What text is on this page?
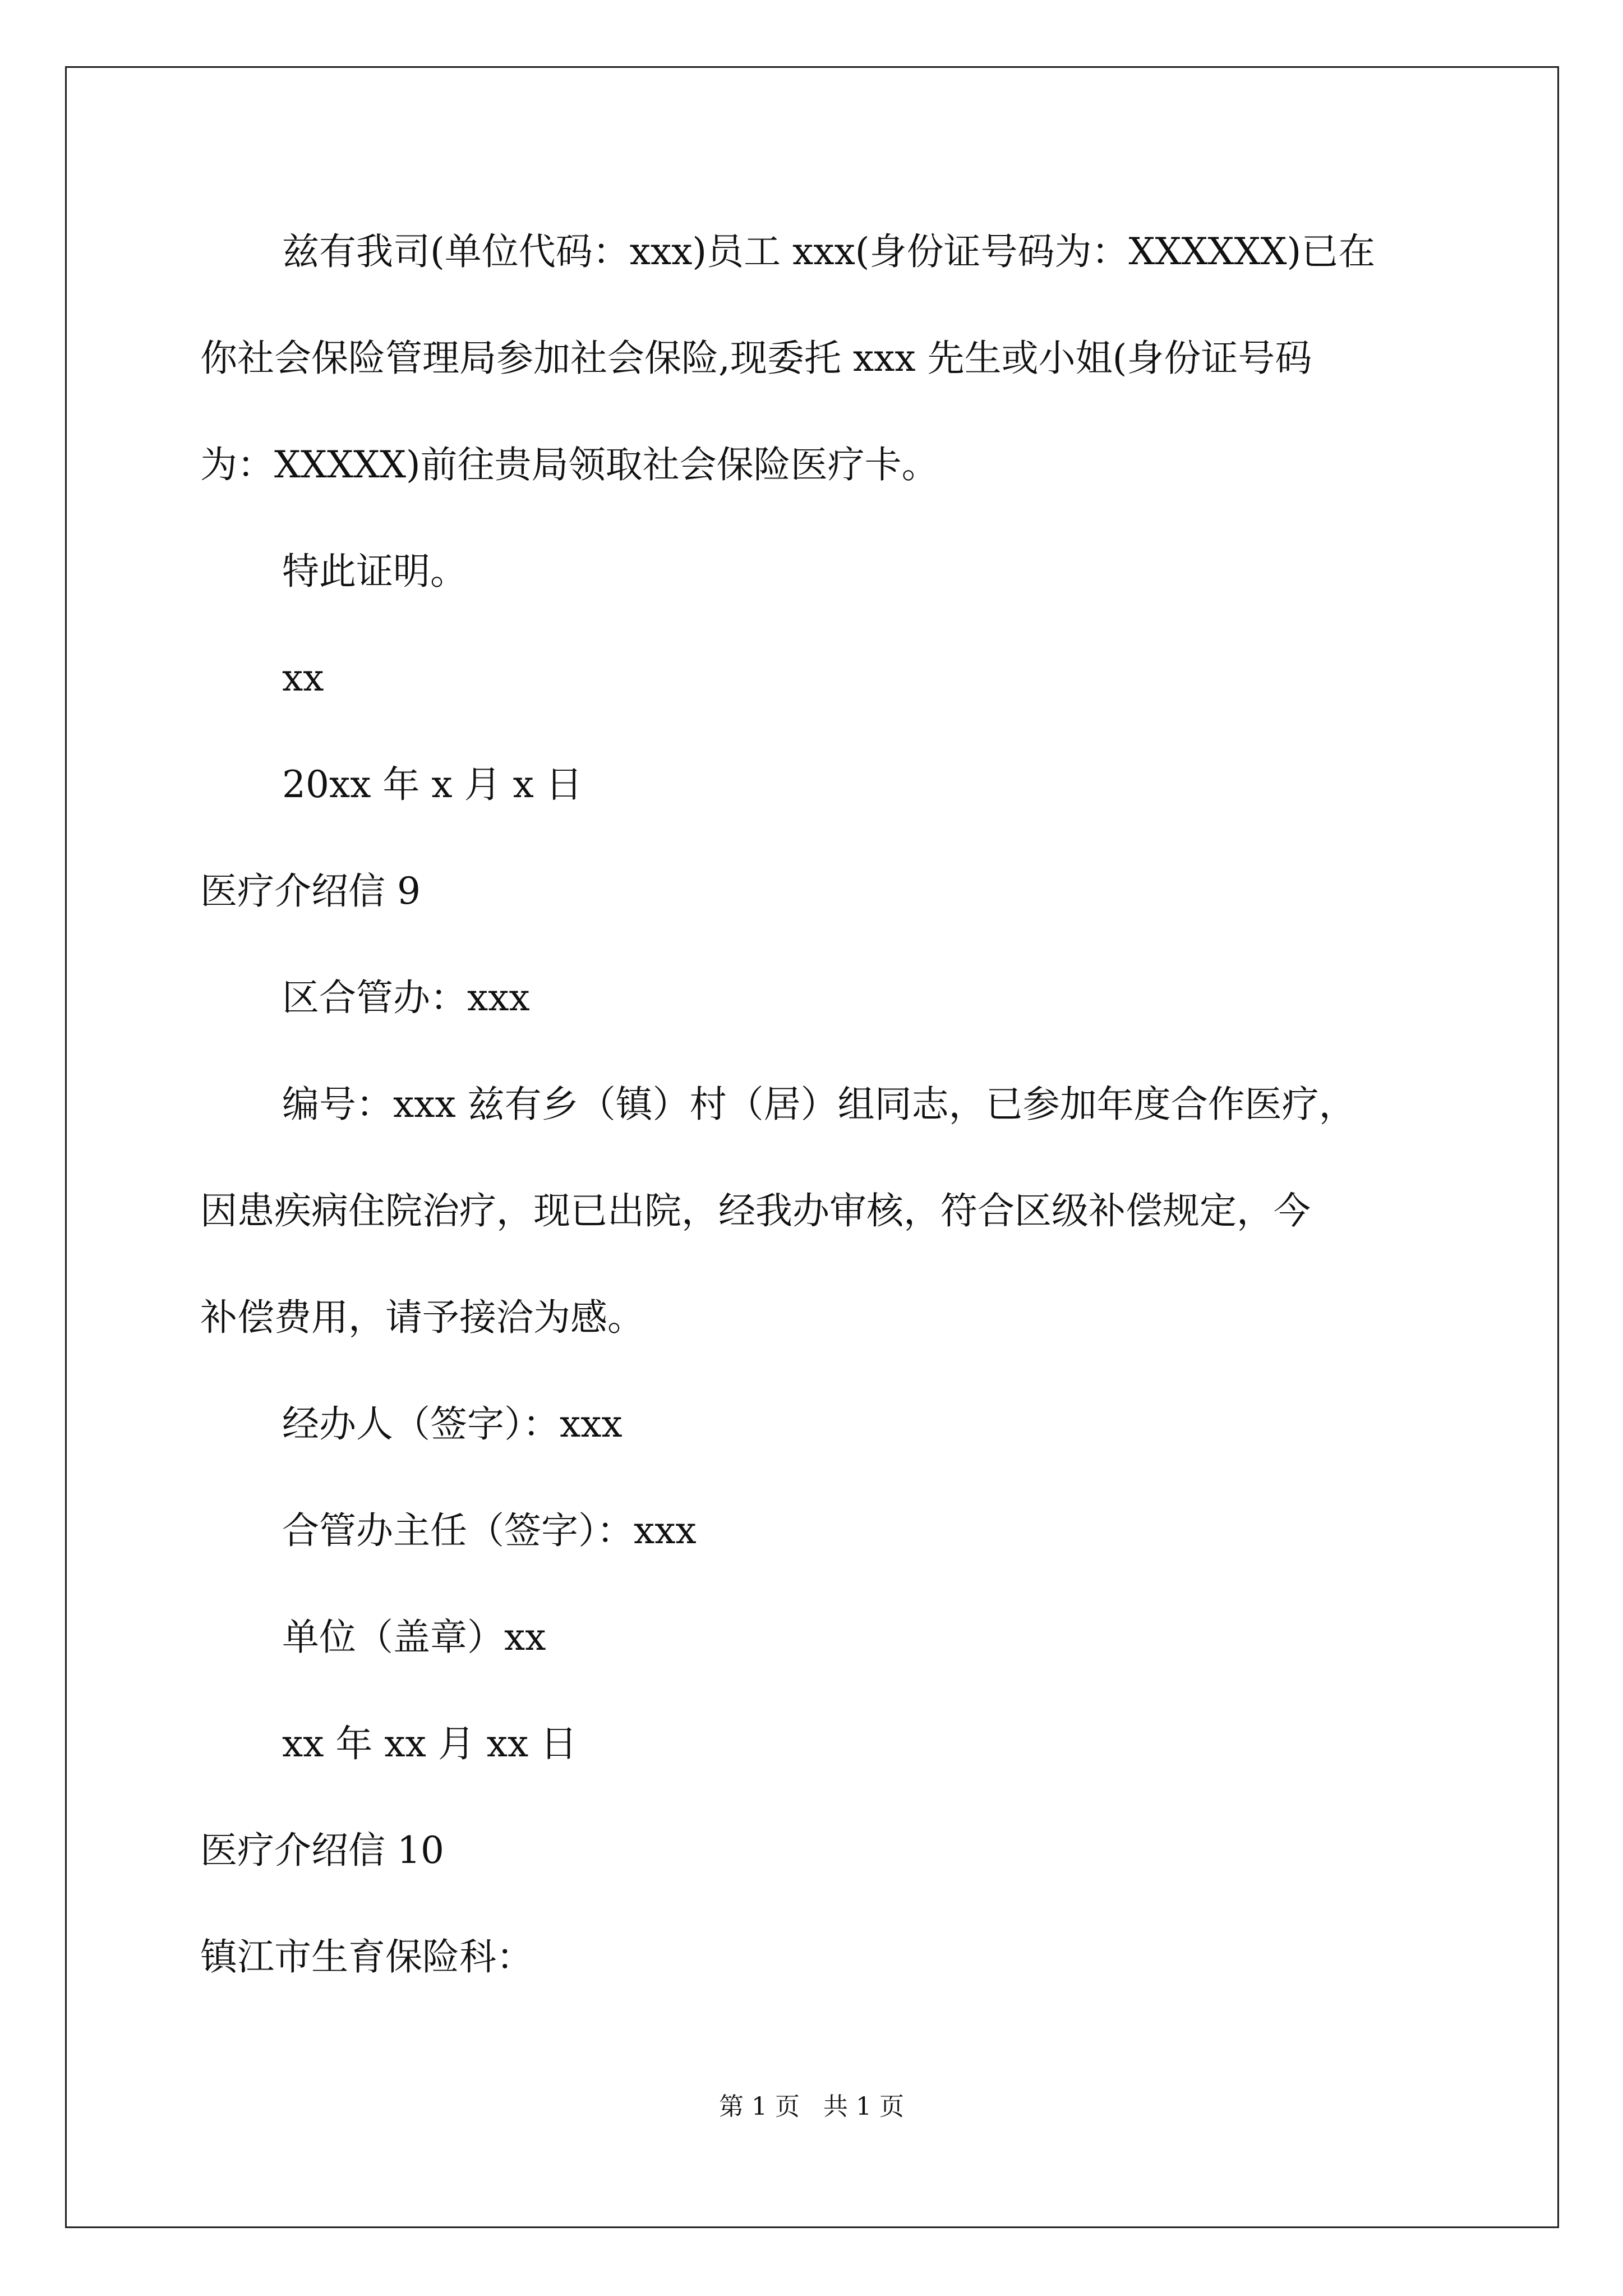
兹有我司(单位代码：xxx)员工 xxx(身份证号码为：XXXXXX)已在
你社会保险管理局参加社会保险,现委托 xxx 先生或小姐(身份证号码
为：XXXXX)前往贵局领取社会保险医疗卡。
特此证明。
xx
20xx 年 x 月 x 日
医疗介绍信 9
区合管办：xxx
编号：xxx 兹有乡（镇）村（居）组同志，已参加年度合作医疗，
因患疾病住院治疗，现已出院，经我办审核，符合区级补偿规定，今
补偿费用，请予接洽为感。
经办人（签字）：xxx
合管办主任（签字）：xxx
单位（盖章）xx
xx 年 xx 月 xx 日
医疗介绍信 10
镇江市生育保险科：
第 1 页   共 1 页
